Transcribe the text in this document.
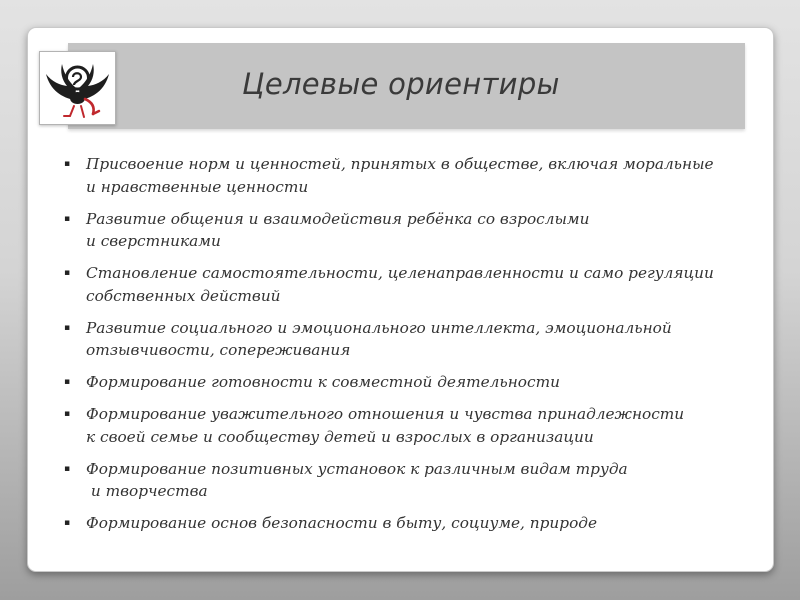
Целевые ориентиры
▪ Присвоение норм и ценностей, принятых в обществе, включая моральные
и нравственные ценности
▪ Развитие общения и взаимодействия ребёнка со взрослыми
и сверстниками
▪ Становление самостоятельности, целенаправленности и само регуляции
собственных действий
▪ Развитие социального и эмоционального интеллекта, эмоциональной
отзывчивости, сопереживания
▪ Формирование готовности к совместной деятельности
▪ Формирование уважительного отношения и чувства принадлежности
к своей семье и сообществу детей и взрослых в организации
▪ Формирование позитивных установок к различным видам труда
и творчества
▪ Формирование основ безопасности в быту, социуме, природе
